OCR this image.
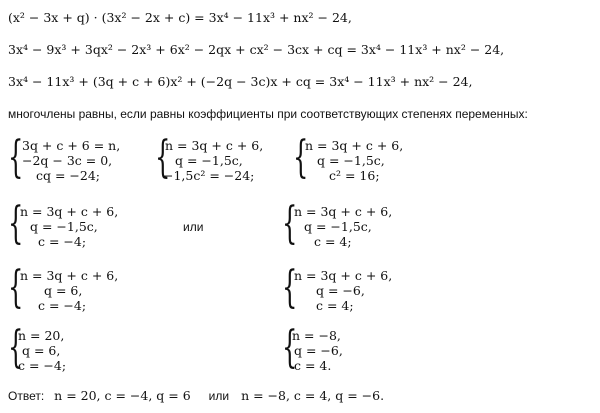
(x² − 3x + q) · (3x² − 2x + c) = 3x⁴ − 11x³ + nx² − 24,
3x⁴ − 9x³ + 3qx² − 2x³ + 6x² − 2qx + cx² − 3cx + cq = 3x⁴ − 11x³ + nx² − 24,
3x⁴ − 11x³ + (3q + c + 6)x² + (−2q − 3c)x + cq = 3x⁴ − 11x³ + nx² − 24,
многочлены равны, если равны коэффициенты при соответствующих степенях переменных:
{
3q + c + 6 = n,
−2q − 3c = 0,
cq = −24; {
n = 3q + c + 6,
q = −1,5c,
−1,5c² = −24; {
n = 3q + c + 6,
q = −1,5c,
c² = 16;
{
n = 3q + c + 6,
q = −1,5c,
c = −4;
или {
n = 3q + c + 6,
q = −1,5c,
c = 4;
{
n = 3q + c + 6,
q = 6,
c = −4;	{
n = 3q + c + 6,
q = −6,
c = 4;
{
n = 20,
q = 6,
c = −4;	{
n = −8,
q = −6,
c = 4.
Ответ: n = 20, c = −4, q = 6 или n = −8, c = 4, q = −6.
